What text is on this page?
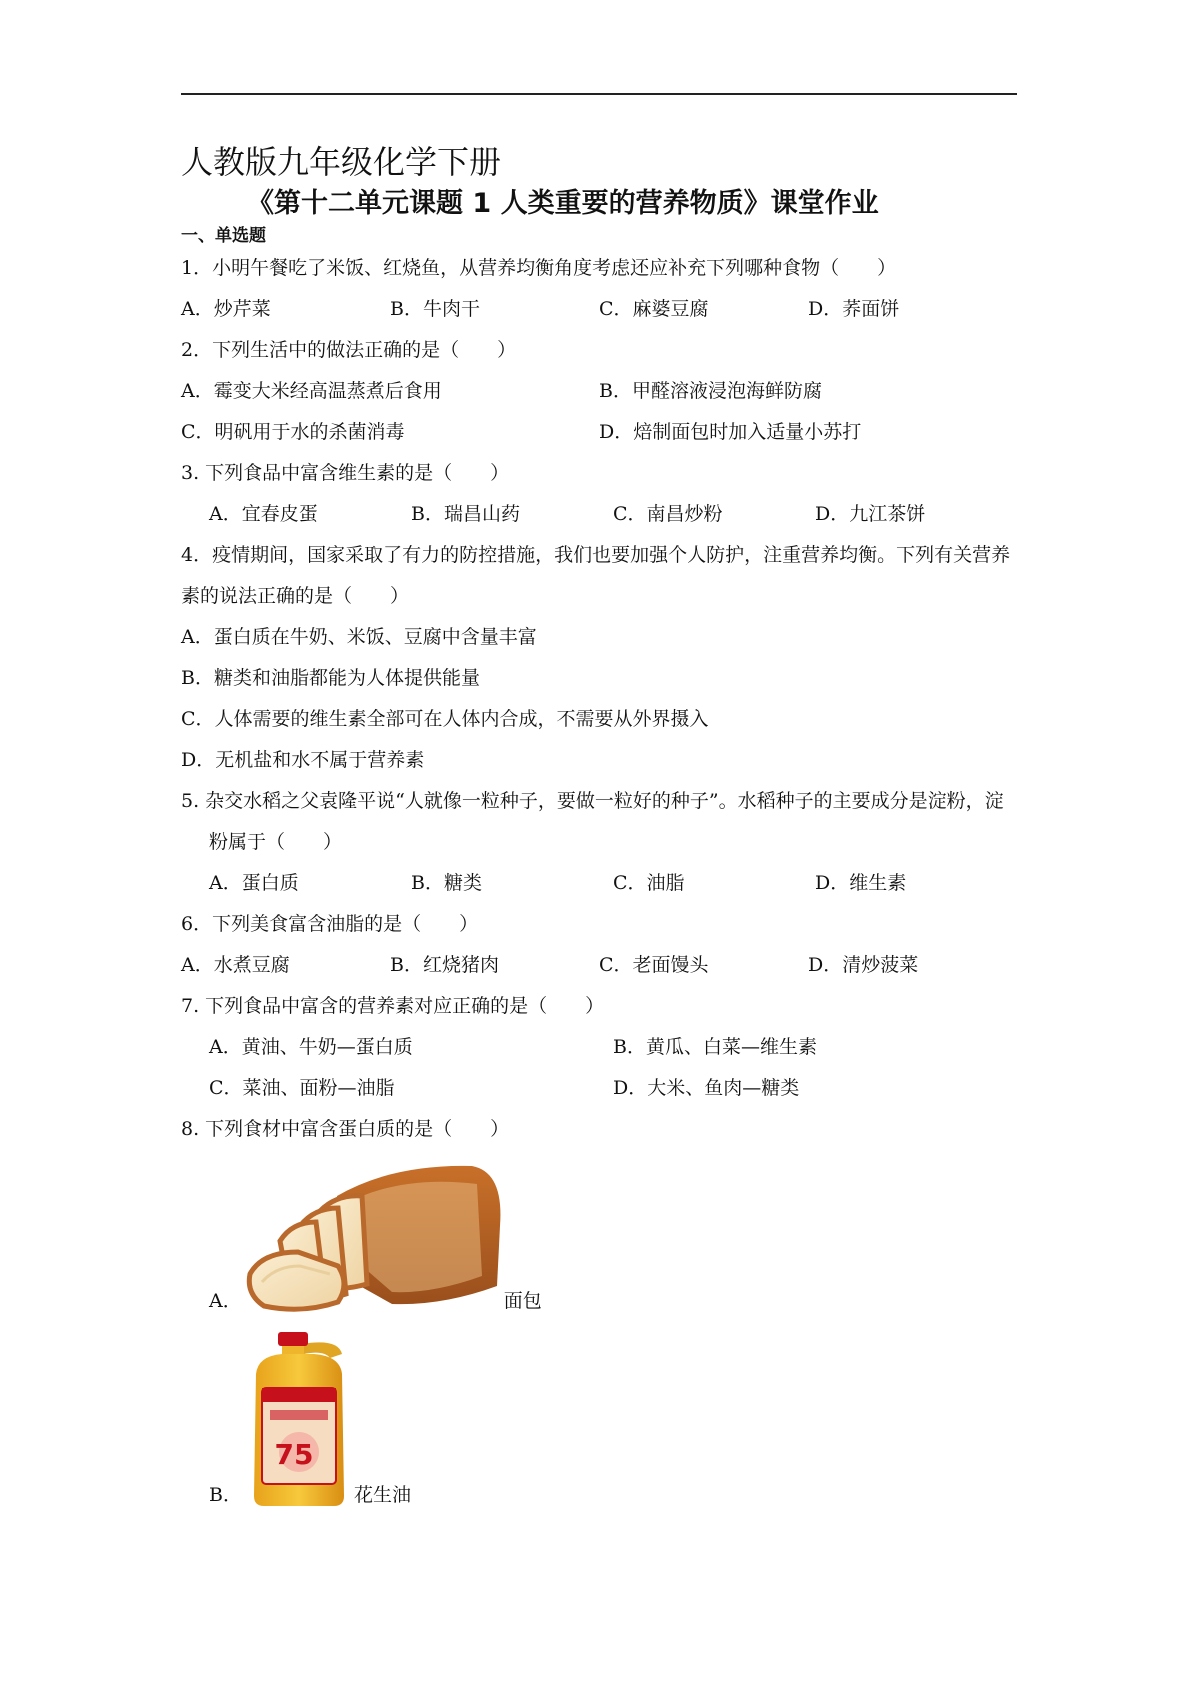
人教版九年级化学下册
《第十二单元课题 1 人类重要的营养物质》课堂作业
一、单选题
1．小明午餐吃了米饭、红烧鱼，从营养均衡角度考虑还应补充下列哪种食物（　　）
A．炒芹菜	B．牛肉干	C．麻婆豆腐	D．荞面饼
2．下列生活中的做法正确的是（　　）
A．霉变大米经高温蒸煮后食用	B．甲醛溶液浸泡海鲜防腐
C．明矾用于水的杀菌消毒	D．焙制面包时加入适量小苏打
3. 下列食品中富含维生素的是（　　）
A．宜春皮蛋	B．瑞昌山药	C．南昌炒粉	D．九江茶饼
4．疫情期间，国家采取了有力的防控措施，我们也要加强个人防护，注重营养均衡。下列有关营养素的说法正确的是（　　）
A．蛋白质在牛奶、米饭、豆腐中含量丰富
B．糖类和油脂都能为人体提供能量
C．人体需要的维生素全部可在人体内合成，不需要从外界摄入
D．无机盐和水不属于营养素
5. 杂交水稻之父袁隆平说“人就像一粒种子，要做一粒好的种子”。水稻种子的主要成分是淀粉，淀粉属于（　　）
A．蛋白质	B．糖类	C．油脂	D．维生素
6．下列美食富含油脂的是（　　）
A．水煮豆腐	B．红烧猪肉	C．老面馒头	D．清炒菠菜
7. 下列食品中富含的营养素对应正确的是（　　）
A．黄油、牛奶—蛋白质	B．黄瓜、白菜—维生素
C．菜油、面粉—油脂	D．大米、鱼肉—糖类
8. 下列食材中富含蛋白质的是（　　）
A．	面包
B．
75
花生油
